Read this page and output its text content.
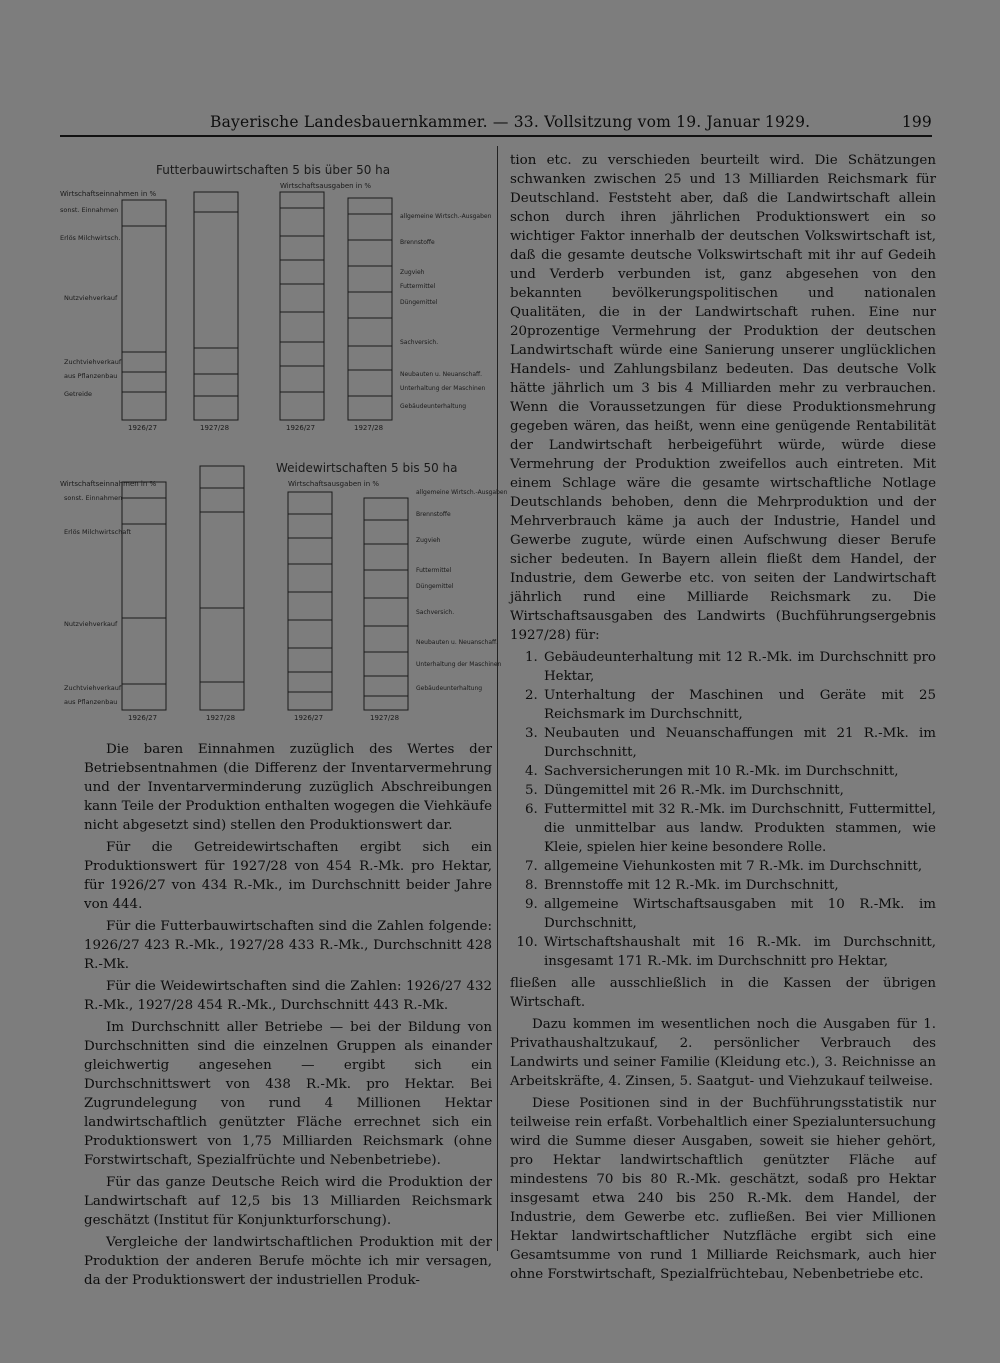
Bayerische Landesbauernkammer. — 33. Vollsitzung vom 19. Januar 1929.	199
Futterbauwirtschaften 5 bis über 50 ha
Wirtschaftseinnahmen in %
Wirtschaftsausgaben in %
sonst. Einnahmen
Erlös Milchwirtsch.
Nutzviehverkauf
Zuchtviehverkauf
aus Pflanzenbau
Getreide
allgemeine Wirtsch.-Ausgaben
Brennstoffe
Zugvieh
Futtermittel
Düngemittel
Sachversich.
Neubauten u. Neuanschaff.
Unterhaltung der Maschinen
Gebäudeunterhaltung
1926/27	1927/28	1926/27	1927/28
Weidewirtschaften 5 bis 50 ha
Wirtschaftseinnahmen in %	Wirtschaftsausgaben in %
sonst. Einnahmen
Erlös Milchwirtschaft
Nutzviehverkauf
Zuchtviehverkauf
aus Pflanzenbau
allgemeine Wirtsch.-Ausgaben
Brennstoffe
Zugvieh
Futtermittel
Düngemittel
Sachversich.
Neubauten u. Neuanschaff.
Unterhaltung der Maschinen
Gebäudeunterhaltung
1926/27	1927/28	1926/27	1927/28

Die baren Einnahmen zuzüglich des Wertes der Betriebsentnahmen (die Differenz der Inventarvermehrung und der Inventarverminderung zuzüglich Abschreibungen kann Teile der Produktion enthalten wogegen die Viehkäufe nicht abgesetzt sind) stellen den Produktionswert dar.

Für die Getreidewirtschaften ergibt sich ein Produktionswert für 1927/28 von 454 R.-Mk. pro Hektar, für 1926/27 von 434 R.-Mk., im Durchschnitt beider Jahre von 444.

Für die Futterbauwirtschaften sind die Zahlen folgende: 1926/27 423 R.-Mk., 1927/28 433 R.-Mk., Durchschnitt 428 R.-Mk.

Für die Weidewirtschaften sind die Zahlen: 1926/27 432 R.-Mk., 1927/28 454 R.-Mk., Durchschnitt 443 R.-Mk.

Im Durchschnitt aller Betriebe — bei der Bildung von Durchschnitten sind die einzelnen Gruppen als einander gleichwertig angesehen — ergibt sich ein Durchschnittswert von 438 R.-Mk. pro Hektar. Bei Zugrundelegung von rund 4 Millionen Hektar landwirtschaftlich genützter Fläche errechnet sich ein Produktionswert von 1,75 Milliarden Reichsmark (ohne Forstwirtschaft, Spezialfrüchte und Nebenbetriebe).

Für das ganze Deutsche Reich wird die Produktion der Landwirtschaft auf 12,5 bis 13 Milliarden Reichsmark geschätzt (Institut für Konjunkturforschung).

Vergleiche der landwirtschaftlichen Produktion mit der Produktion der anderen Berufe möchte ich mir versagen, da der Produktionswert der industriellen Produk-

tion etc. zu verschieden beurteilt wird. Die Schätzungen schwanken zwischen 25 und 13 Milliarden Reichsmark für Deutschland. Feststeht aber, daß die Landwirtschaft allein schon durch ihren jährlichen Produktionswert ein so wichtiger Faktor innerhalb der deutschen Volkswirtschaft ist, daß die gesamte deutsche Volkswirtschaft mit ihr auf Gedeih und Verderb verbunden ist, ganz abgesehen von den bekannten bevölkerungspolitischen und nationalen Qualitäten, die in der Landwirtschaft ruhen. Eine nur 20prozentige Vermehrung der Produktion der deutschen Landwirtschaft würde eine Sanierung unserer unglücklichen Handels- und Zahlungsbilanz bedeuten. Das deutsche Volk hätte jährlich um 3 bis 4 Milliarden mehr zu verbrauchen. Wenn die Voraussetzungen für diese Produktionsmehrung gegeben wären, das heißt, wenn eine genügende Rentabilität der Landwirtschaft herbeigeführt würde, würde diese Vermehrung der Produktion zweifellos auch eintreten. Mit einem Schlage wäre die gesamte wirtschaftliche Notlage Deutschlands behoben, denn die Mehrproduktion und der Mehrverbrauch käme ja auch der Industrie, Handel und Gewerbe zugute, würde einen Aufschwung dieser Berufe sicher bedeuten. In Bayern allein fließt dem Handel, der Industrie, dem Gewerbe etc. von seiten der Landwirtschaft jährlich rund eine Milliarde Reichsmark zu. Die Wirtschaftsausgaben des Landwirts (Buchführungsergebnis 1927/28) für:

1. Gebäudeunterhaltung mit 12 R.-Mk. im Durchschnitt pro Hektar,
2. Unterhaltung der Maschinen und Geräte mit 25 Reichsmark im Durchschnitt,
3. Neubauten und Neuanschaffungen mit 21 R.-Mk. im Durchschnitt,
4. Sachversicherungen mit 10 R.-Mk. im Durchschnitt,
5. Düngemittel mit 26 R.-Mk. im Durchschnitt,
6. Futtermittel mit 32 R.-Mk. im Durchschnitt, Futtermittel, die unmittelbar aus landw. Produkten stammen, wie Kleie, spielen hier keine besondere Rolle.
7. allgemeine Viehunkosten mit 7 R.-Mk. im Durchschnitt,
8. Brennstoffe mit 12 R.-Mk. im Durchschnitt,
9. allgemeine Wirtschaftsausgaben mit 10 R.-Mk. im Durchschnitt,
10. Wirtschaftshaushalt mit 16 R.-Mk. im Durchschnitt, insgesamt 171 R.-Mk. im Durchschnitt pro Hektar,

fließen alle ausschließlich in die Kassen der übrigen Wirtschaft.

Dazu kommen im wesentlichen noch die Ausgaben für 1. Privathaushaltzukauf, 2. persönlicher Verbrauch des Landwirts und seiner Familie (Kleidung etc.), 3. Reichnisse an Arbeitskräfte, 4. Zinsen, 5. Saatgut- und Viehzukauf teilweise.

Diese Positionen sind in der Buchführungsstatistik nur teilweise rein erfaßt. Vorbehaltlich einer Spezialuntersuchung wird die Summe dieser Ausgaben, soweit sie hieher gehört, pro Hektar landwirtschaftlich genützter Fläche auf mindestens 70 bis 80 R.-Mk. geschätzt, sodaß pro Hektar insgesamt etwa 240 bis 250 R.-Mk. dem Handel, der Industrie, dem Gewerbe etc. zufließen. Bei vier Millionen Hektar landwirtschaftlicher Nutzfläche ergibt sich eine Gesamtsumme von rund 1 Milliarde Reichsmark, auch hier ohne Forstwirtschaft, Spezialfrüchtebau, Nebenbetriebe etc.
